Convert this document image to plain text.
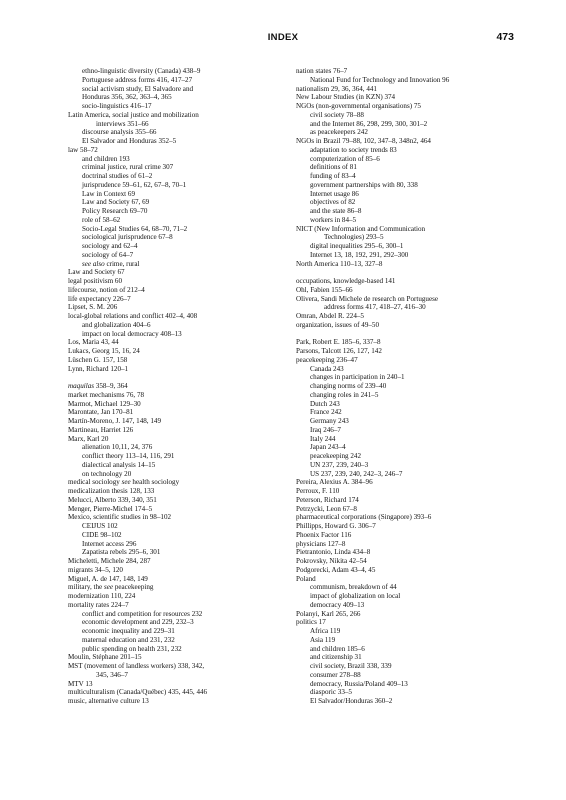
INDEX	473
ethno-linguistic diversity (Canada) 438–9
Portuguese address forms 416, 417–27
social activism study, El Salvadore and
Honduras 356, 362, 363–4, 365
socio-linguistics 416–17
Latin America, social justice and mobilization
interviews 351–66
discourse analysis 355–66
El Salvador and Honduras 352–5
law 58–72
and children 193
criminal justice, rural crime 307
doctrinal studies of 61–2
jurisprudence 59–61, 62, 67–8, 70–1
Law in Context 69
Law and Society 67, 69
Policy Research 69–70
role of 58–62
Socio-Legal Studies 64, 68–70, 71–2
sociological jurisprudence 67–8
sociology and 62–4
sociology of 64–7
see also crime, rural
Law and Society 67
legal positivism 60
lifecourse, notion of 212–4
life expectancy 226–7
Lipset, S. M. 206
local-global relations and conflict 402–4, 408
and globalization 404–6
impact on local democracy 408–13
Los, Maria 43, 44
Lukacs, Georg 15, 16, 24
Lüschen G. 157, 158
Lynn, Richard 120–1
maquilas 358–9, 364
market mechanisms 76, 78
Marmot, Michael 129–30
Marontate, Jan 170–81
Martín-Moreno, J. 147, 148, 149
Martineau, Harriet 126
Marx, Karl 20
alienation 10,11, 24, 376
conflict theory 113–14, 116, 291
dialectical analysis 14–15
on technology 20
medical sociology see health sociology
medicalization thesis 128, 133
Melucci, Alberto 339, 340, 351
Menger, Pierre-Michel 174–5
Mexico, scientific studies in 98–102
CEIJUS 102
CIDE 98–102
Internet access 296
Zapatista rebels 295–6, 301
Micheletti, Michele 284, 287
migrants 34–5, 120
Miguel, A. de 147, 148, 149
military, the see peacekeeping
modernization 110, 224
mortality rates 224–7
conflict and competition for resources 232
economic development and 229, 232–3
economic inequality and 229–31
maternal education and 231, 232
public spending on health 231, 232
Moulin, Stéphane 201–15
MST (movement of landless workers) 338, 342,
345, 346–7
MTV 13
multiculturalism (Canada/Québec) 435, 445, 446
music, alternative culture 13
nation states 76–7
National Fund for Technology and Innovation 96
nationalism 29, 36, 364, 441
New Labour Studies (in KZN) 374
NGOs (non-governmental organisations) 75
civil society 78–88
and the Internet 86, 298, 299, 300, 301–2
as peacekeepers 242
NGOs in Brazil 79–88, 102, 347–8, 348n2, 464
adaptation to society trends 83
computerization of 85–6
definitions of 81
funding of 83–4
government partnerships with 80, 338
Internet usage 86
objectives of 82
and the state 86–8
workers in 84–5
NICT (New Information and Communication
Technologies) 293–5
digital inequalities 295–6, 300–1
Internet 13, 18, 192, 291, 292–300
North America 110–13, 327–8
occupations, knowledge-based 141
Ohl, Fabien 155–66
Olivera, Sandi Michele de research on Portuguese
address forms 417, 418–27, 416–30
Omran, Abdel R. 224–5
organization, issues of 49–50
Park, Robert E. 185–6, 337–8
Parsons, Talcott 126, 127, 142
peacekeeping 236–47
Canada 243
changes in participation in 240–1
changing norms of 239–40
changing roles in 241–5
Dutch 243
France 242
Germany 243
Iraq 246–7
Italy 244
Japan 243–4
peacekeeping 242
UN 237, 239, 240–3
US 237, 239, 240, 242–3, 246–7
Pereira, Alexius A. 384–96
Perroux, F. 110
Peterson, Richard 174
Petrzycki, Leon 67–8
pharmaceutical corporations (Singapore) 393–6
Phillipps, Howard G. 306–7
Phoenix Factor 116
physicians 127–8
Pietrantonio, Linda 434–8
Pokrovsky, Nikita 42–54
Podgorecki, Adam 43–4, 45
Poland
communism, breakdown of 44
impact of globalization on local
democracy 409–13
Polanyi, Karl 265, 266
politics 17
Africa 119
Asia 119
and children 185–6
and citizenship 31
civil society, Brazil 338, 339
consumer 278–88
democracy, Russia/Poland 409–13
diasporic 33–5
El Salvador/Honduras 360–2
